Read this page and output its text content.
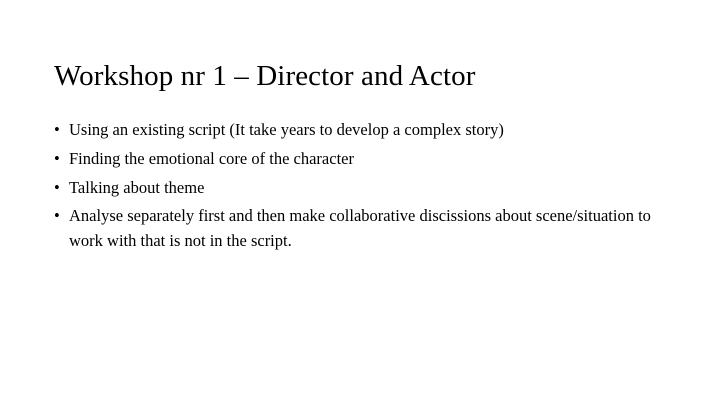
Workshop nr 1 – Director and Actor
• Using an existing script (It take years to develop a complex story)
• Finding the emotional core of the character
• Talking about theme
• Analyse separately first and then make collaborative discissions about scene/situation to work with that is not in the script.
